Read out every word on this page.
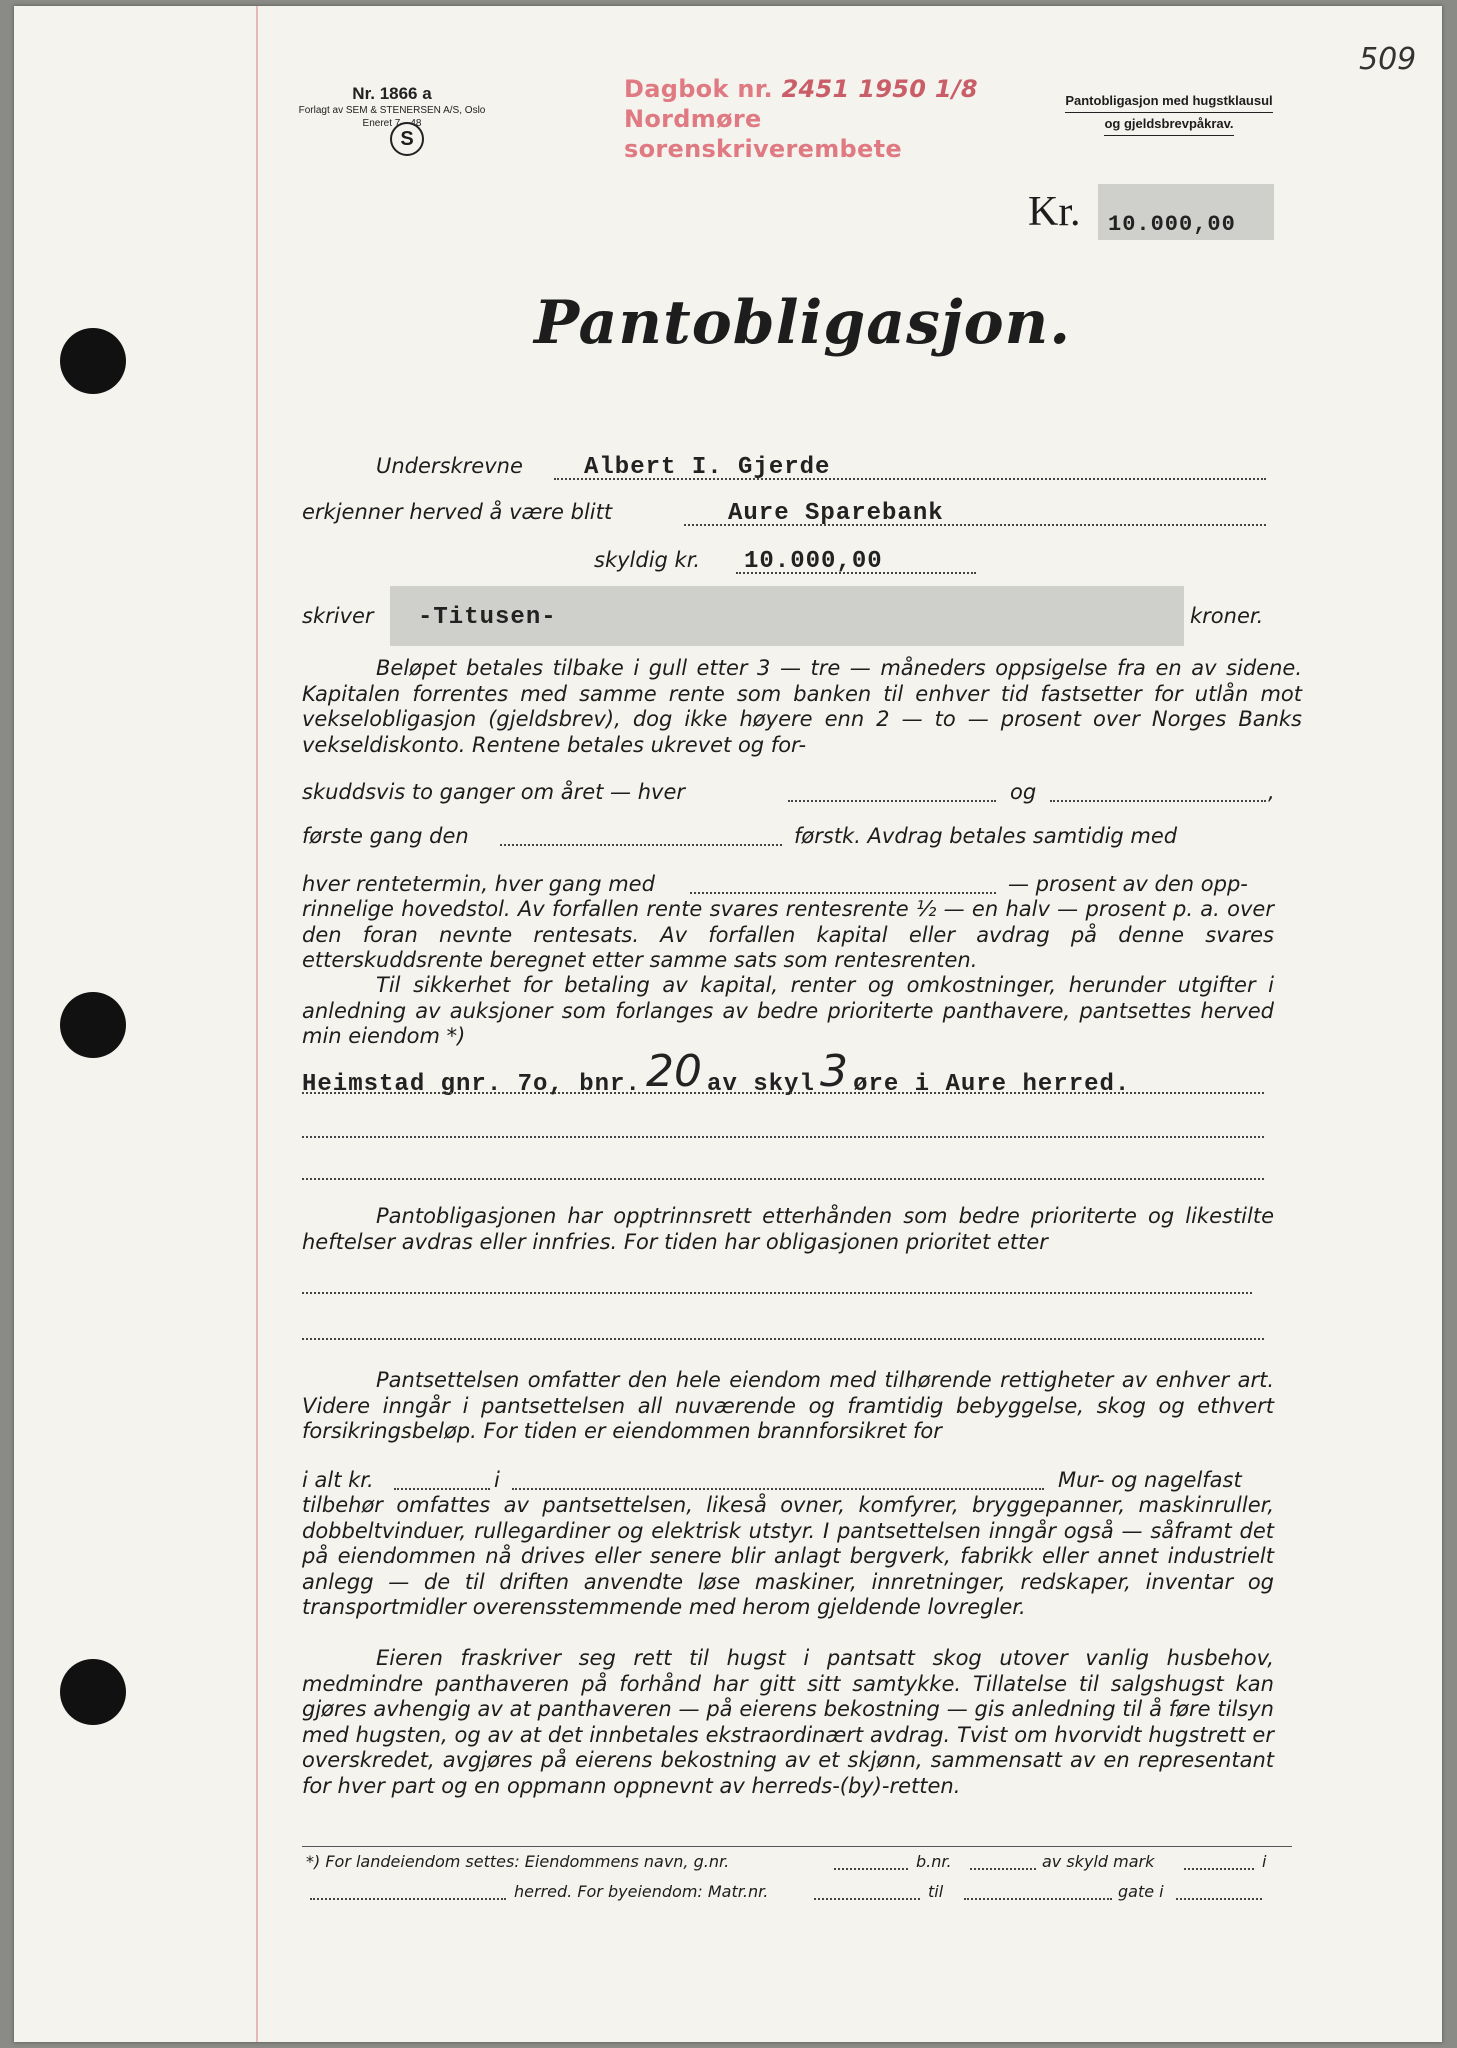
509
Nr. 1866 a
Forlagt av SEM & STENERSEN A/S, Oslo
Eneret 7—48
S
Dagbok nr. 2451 1950 1/8
Nordmøre sorenskriverembete
Pantobligasjon med hugstklausul
og gjeldsbrevpåkrav.
Kr. 10.000,00
Pantobligasjon.
Underskrevne	Albert I. Gjerde
erkjenner herved å være blitt	Aure Sparebank
skyldig kr. 10.000,00
skriver -Titusen-	kroner.
Beløpet betales tilbake i gull etter 3 — tre — måneders oppsigelse fra en av sidene. Kapitalen forrentes med samme rente som banken til enhver tid fastsetter for utlån mot vekselobligasjon (gjeldsbrev), dog ikke høyere enn 2 — to — prosent over Norges Banks vekseldiskonto. Rentene betales ukrevet og for-
skuddsvis to ganger om året — hver	og	,
første gang den	førstk. Avdrag betales samtidig med
hver rentetermin, hver gang med	— prosent av den opp-
rinnelige hovedstol. Av forfallen rente svares rentesrente ½ — en halv — prosent p. a. over den foran nevnte rentesats. Av forfallen kapital eller avdrag på denne svares etterskuddsrente beregnet etter samme sats som rentesrenten.
Til sikkerhet for betaling av kapital, renter og omkostninger, herunder utgifter i anledning av auksjoner som forlanges av bedre prioriterte panthavere, pantsettes herved min eiendom *)
Heimstad gnr. 7o, bnr. 20 av skyl 3 øre i Aure herred.
Pantobligasjonen har opptrinnsrett etterhånden som bedre prioriterte og likestilte heftelser avdras eller innfries. For tiden har obligasjonen prioritet etter
Pantsettelsen omfatter den hele eiendom med tilhørende rettigheter av enhver art. Videre inngår i pantsettelsen all nuværende og framtidig bebyggelse, skog og ethvert forsikringsbeløp. For tiden er eiendommen brannforsikret for
i alt kr.	i	Mur- og nagelfast
tilbehør omfattes av pantsettelsen, likeså ovner, komfyrer, bryggepanner, maskinruller, dobbeltvinduer, rullegardiner og elektrisk utstyr. I pantsettelsen inngår også — såframt det på eiendommen nå drives eller senere blir anlagt bergverk, fabrikk eller annet industrielt anlegg — de til driften anvendte løse maskiner, innretninger, redskaper, inventar og transportmidler overensstemmende med herom gjeldende lovregler.
Eieren fraskriver seg rett til hugst i pantsatt skog utover vanlig husbehov, medmindre panthaveren på forhånd har gitt sitt samtykke. Tillatelse til salgshugst kan gjøres avhengig av at panthaveren — på eierens bekostning — gis anledning til å føre tilsyn med hugsten, og av at det innbetales ekstraordinært avdrag. Tvist om hvorvidt hugstrett er overskredet, avgjøres på eierens bekostning av et skjønn, sammensatt av en representant for hver part og en oppmann oppnevnt av herreds-(by)-retten.
*) For landeiendom settes: Eiendommens navn, g.nr.	b.nr.	av skyld mark	i
herred. For byeiendom: Matr.nr.	til	gate i
